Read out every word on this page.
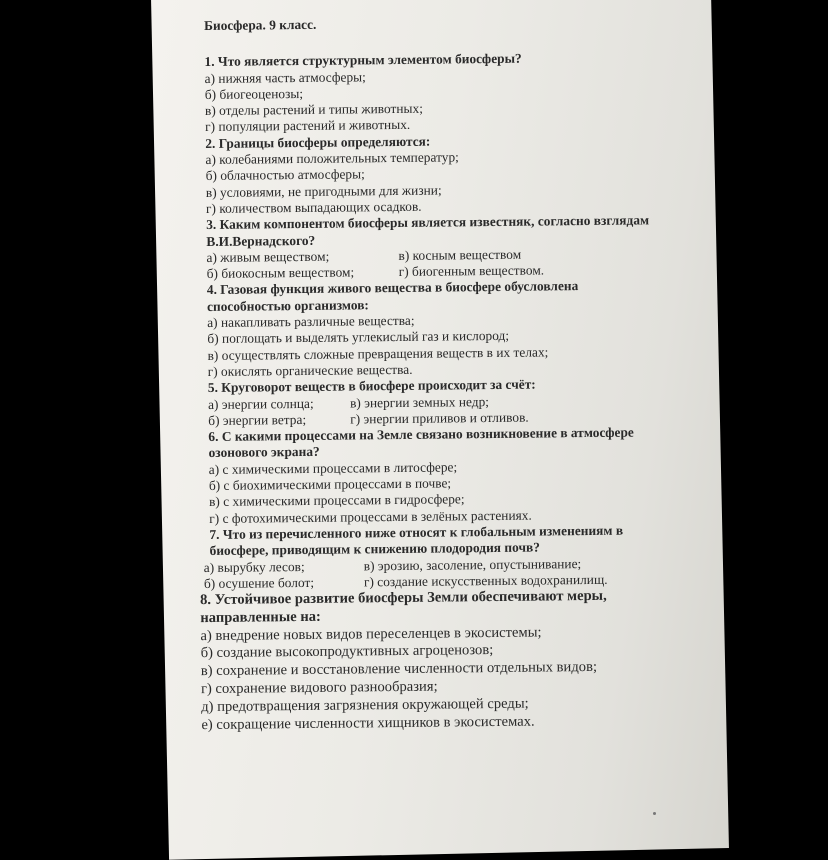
Биосфера. 9 класс.
1. Что является структурным элементом биосферы?
а) нижняя часть атмосферы;
б) биогеоценозы;
в) отделы растений и типы животных;
г) популяции растений и животных.
2. Границы биосферы определяются:
а) колебаниями положительных температур;
б) облачностью атмосферы;
в) условиями, не пригодными для жизни;
г) количеством выпадающих осадков.
3. Каким компонентом биосферы является известняк, согласно взглядам
В.И.Вернадского?
а) живым веществом;	в) косным веществом
б) биокосным веществом;	г) биогенным веществом.
4. Газовая функция живого вещества в биосфере обусловлена
способностью организмов:
а) накапливать различные вещества;
б) поглощать и выделять углекислый газ и кислород;
в) осуществлять сложные превращения веществ в их телах;
г) окислять органические вещества.
5. Круговорот веществ в биосфере происходит за счёт:
а) энергии солнца;	в) энергии земных недр;
б) энергии ветра;	г) энергии приливов и отливов.
6. С какими процессами на Земле связано возникновение в атмосфере
озонового экрана?
а) с химическими процессами в литосфере;
б) с биохимическими процессами в почве;
в) с химическими процессами в гидросфере;
г) с фотохимическими процессами в зелёных растениях.
7. Что из перечисленного ниже относят к глобальным изменениям в
биосфере, приводящим к снижению плодородия почв?
а) вырубку лесов;	в) эрозию, засоление, опустынивание;
б) осушение болот;	г) создание искусственных водохранилищ.
8. Устойчивое развитие биосферы Земли обеспечивают меры,
направленные на:
а) внедрение новых видов переселенцев в экосистемы;
б) создание высокопродуктивных агроценозов;
в) сохранение и восстановление численности отдельных видов;
г) сохранение видового разнообразия;
д) предотвращения загрязнения окружающей среды;
е) сокращение численности хищников в экосистемах.
